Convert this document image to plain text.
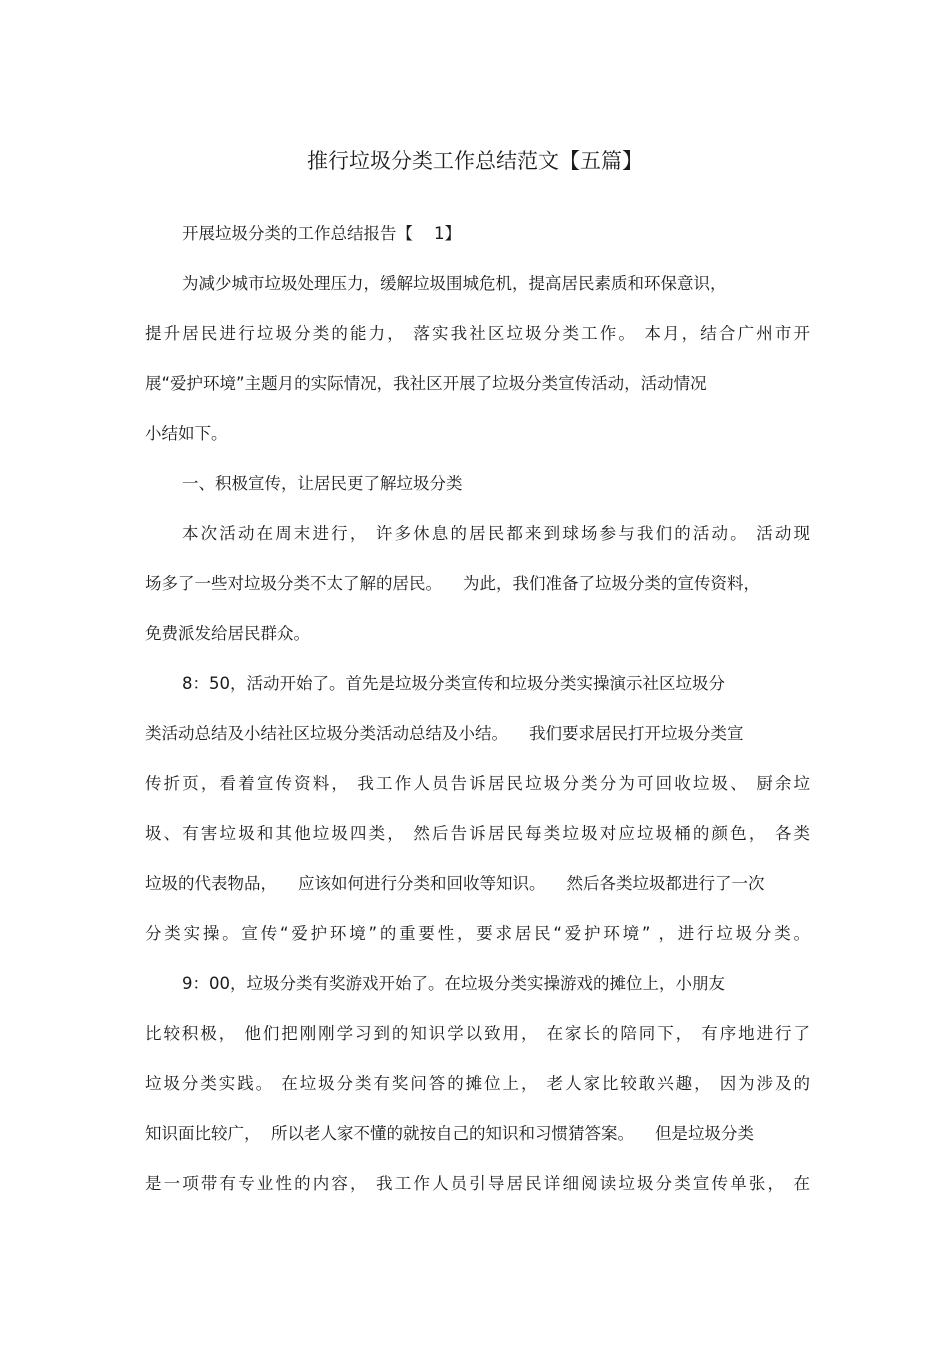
推行垃圾分类工作总结范文【五篇】
开展垃圾分类的工作总结报告【    1】
为减少城市垃圾处理压力，缓解垃圾围城危机，提高居民素质和环保意识，
提升居民进行垃圾分类的能力， 落实我社区垃圾分类工作。 本月，结合广州市开
展“爱护环境”主题月的实际情况，我社区开展了垃圾分类宣传活动，活动情况
小结如下。
一、积极宣传，让居民更了解垃圾分类
本次活动在周末进行， 许多休息的居民都来到球场参与我们的活动。 活动现
场多了一些对垃圾分类不太了解的居民。    为此，我们准备了垃圾分类的宣传资料，
免费派发给居民群众。
8：50，活动开始了。首先是垃圾分类宣传和垃圾分类实操演示社区垃圾分
类活动总结及小结社区垃圾分类活动总结及小结。    我们要求居民打开垃圾分类宣
传折页，看着宣传资料， 我工作人员告诉居民垃圾分类分为可回收垃圾、 厨余垃
圾、有害垃圾和其他垃圾四类， 然后告诉居民每类垃圾对应垃圾桶的颜色， 各类
垃圾的代表物品，    应该如何进行分类和回收等知识。    然后各类垃圾都进行了一次
分类实操。宣传“爱护环境”的重要性，要求居民“爱护环境” ，进行垃圾分类。
9：00，垃圾分类有奖游戏开始了。在垃圾分类实操游戏的摊位上，小朋友
比较积极， 他们把刚刚学习到的知识学以致用， 在家长的陪同下， 有序地进行了
垃圾分类实践。 在垃圾分类有奖问答的摊位上， 老人家比较敢兴趣， 因为涉及的
知识面比较广，  所以老人家不懂的就按自己的知识和习惯猜答案。    但是垃圾分类
是一项带有专业性的内容， 我工作人员引导居民详细阅读垃圾分类宣传单张， 在
